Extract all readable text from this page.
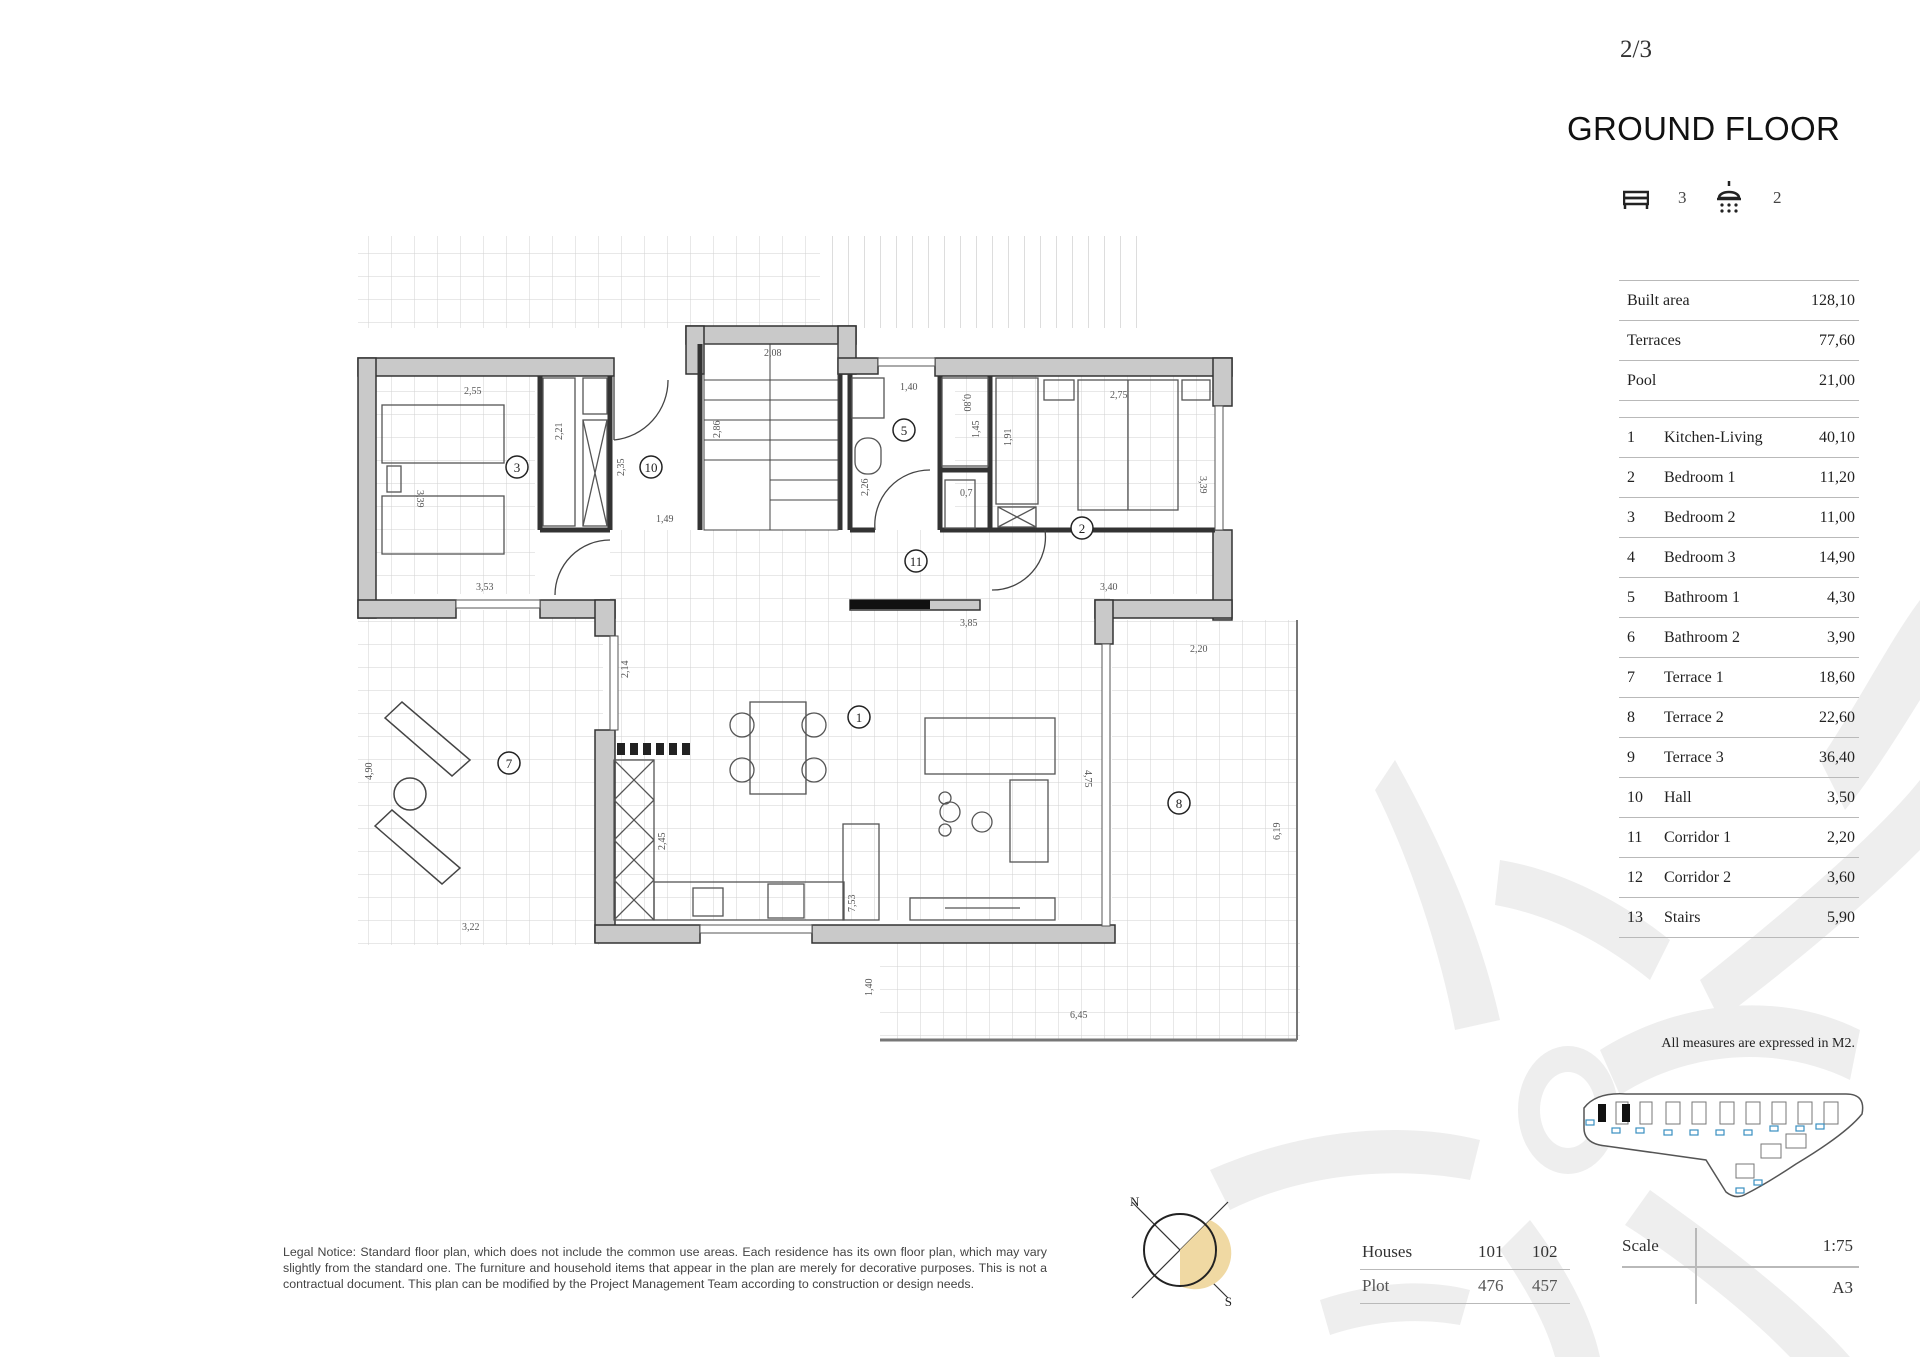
2/3
GROUND FLOOR
3	2
Built area	128,10
Terraces	77,60
Pool	21,00
1 Kitchen-Living	40,10
2 Bedroom 1	11,20
3 Bedroom 2	11,00
4 Bedroom 3	14,90
5 Bathroom 1	4,30
6 Bathroom 2	3,90
7 Terrace 1	18,60
8 Terrace 2	22,60
9 Terrace 3	36,40
10 Hall	3,50
11 Corridor 1	2,20
12 Corridor 2	3,60
13 Stairs	5,90
All measures are expressed in M2.
N
S
Legal Notice: Standard floor plan, which does not include the common use areas. Each residence has its own floor plan, which may vary slightly from the standard one. The furniture and household items that appear in the plan are merely for decorative purposes. This is not a contractual document. This plan can be modified by the Project Management Team according to construction or design needs.
Houses	101 102
Plot	476 457
Scale	1:75
A3
1
2
3
5
7
8
10
11
2,55
3,39
2,21
2,35
3,53
2,86
1,49
2,08
1,40
0,80
1,45 1,91
2,26	0,7
2,75
3,39
3,40
3,85
2,14
2,20
4,75
6,19
4,90
3,22
2,45
7,53
1,40
6,45
